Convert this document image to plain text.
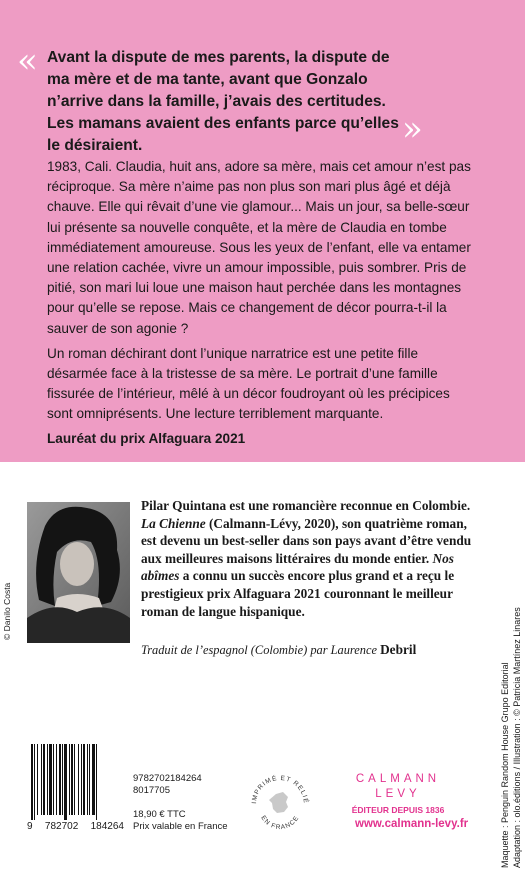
« Avant la dispute de mes parents, la dispute de ma mère et de ma tante, avant que Gonzalo n’arrive dans la famille, j’avais des certitudes. Les mamans avaient des enfants parce qu’elles le désiraient.	»

1983, Cali. Claudia, huit ans, adore sa mère, mais cet amour n’est pas réciproque. Sa mère n’aime pas non plus son mari plus âgé et déjà chauve. Elle qui rêvait d’une vie glamour... Mais un jour, sa belle-sœur lui présente sa nouvelle conquête, et la mère de Claudia en tombe immédiatement amoureuse. Sous les yeux de l’enfant, elle va entamer une relation cachée, vivre un amour impossible, puis sombrer. Pris de pitié, son mari lui loue une maison haut perchée dans les montagnes pour qu’elle se repose. Mais ce changement de décor pourra-t-il la sauver de son agonie ?

Un roman déchirant dont l’unique narratrice est une petite fille désarmée face à la tristesse de sa mère. Le portrait d’une famille fissurée de l’intérieur, mêlé à un décor foudroyant où les précipices sont omniprésents. Une lecture terriblement marquante.

Lauréat du prix Alfaguara 2021
© Danilo Costa
Pilar Quintana est une romancière reconnue en Colombie. La Chienne (Calmann-Lévy, 2020), son quatrième roman, est devenu un best-seller dans son pays avant d’être vendu aux meilleures maisons littéraires du monde entier. Nos abîmes a connu un succès encore plus grand et a reçu le prestigieux prix Alfaguara 2021 couronnant le meilleur roman de langue hispanique.
Traduit de l’espagnol (Colombie) par Laurence Debril
Maquette : Penguin Random House Grupo Editorial Adaptation : olo.éditions / Illustration : © Patricia Martínez Linares
9 782702 184264
9782702184264
8017705
18,90 € TTC
Prix valable en France
IMPRIMÉ ET RELIÉ
EN FRANCE
CALMANN
LEVY
ÉDITEUR DEPUIS 1836
www.calmann-levy.fr
